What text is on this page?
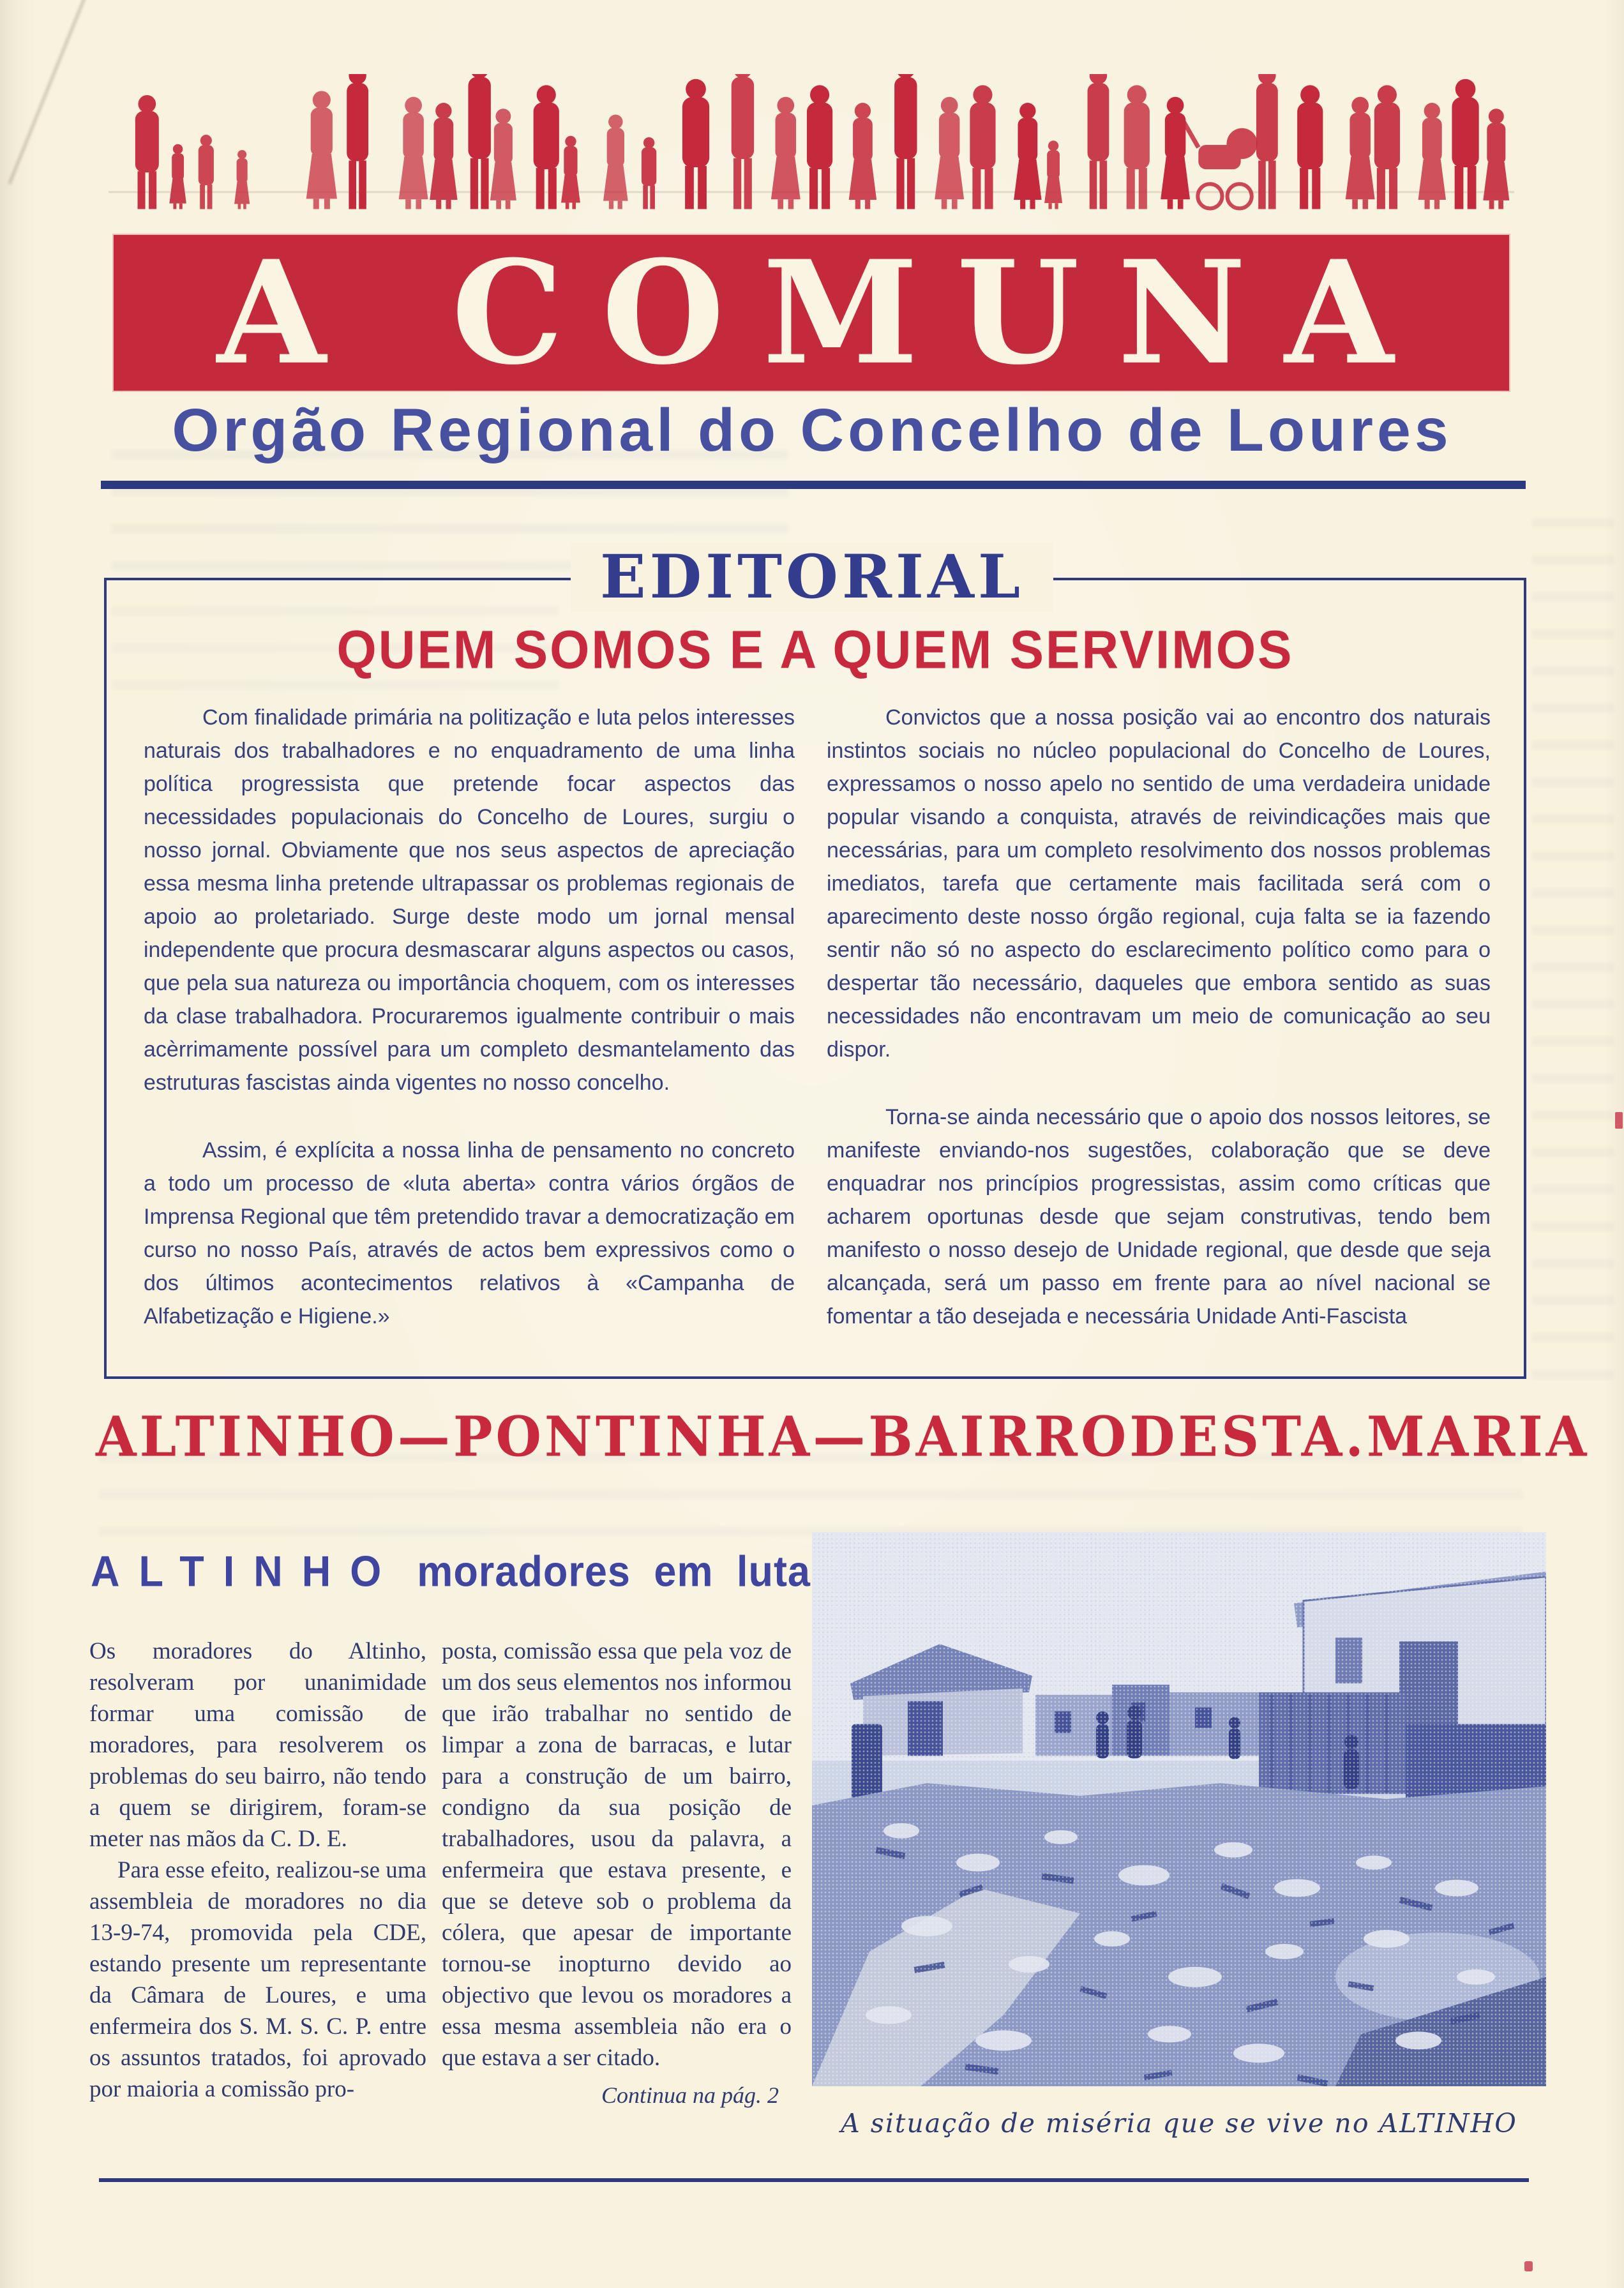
A COMUNA
Orgão Regional do Concelho de Loures
EDITORIAL
QUEM SOMOS E A QUEM SERVIMOS

Com finalidade primária na politização e luta pelos interesses naturais dos trabalhadores e no enquadramento de uma linha política progressista que pretende focar aspectos das necessidades populacionais do Concelho de Loures, surgiu o nosso jornal. Obviamente que nos seus aspectos de apreciação essa mesma linha pretende ultrapassar os problemas regionais de apoio ao proletariado. Surge deste modo um jornal mensal independente que procura desmascarar alguns aspectos ou casos, que pela sua natureza ou importância choquem, com os interesses da clase trabalhadora. Procuraremos igualmente contribuir o mais acèrrimamente possível para um completo desmantelamento das estruturas fascistas ainda vigentes no nosso concelho.

Assim, é explícita a nossa linha de pensamento no concreto a todo um processo de «luta aberta» contra vários órgãos de Imprensa Regional que têm pretendido travar a democratização em curso no nosso País, através de actos bem expressivos como o dos últimos acontecimentos relativos à «Campanha de Alfabetização e Higiene.»

Convictos que a nossa posição vai ao encontro dos naturais instintos sociais no núcleo populacional do Concelho de Loures, expressamos o nosso apelo no sentido de uma verdadeira unidade popular visando a conquista, através de reivindicações mais que necessárias, para um completo resolvimento dos nossos problemas imediatos, tarefa que certamente mais facilitada será com o aparecimento deste nosso órgão regional, cuja falta se ia fazendo sentir não só no aspecto do esclarecimento político como para o despertar tão necessário, daqueles que embora sentido as suas necessidades não encontravam um meio de comunicação ao seu dispor.

Torna-se ainda necessário que o apoio dos nossos leitores, se manifeste enviando-nos sugestões, colaboração que se deve enquadrar nos princípios progressistas, assim como críticas que acharem oportunas desde que sejam construtivas, tendo bem manifesto o nosso desejo de Unidade regional, que desde que seja alcançada, será um passo em frente para ao nível nacional se fomentar a tão desejada e necessária Unidade Anti-Fascista

ALTINHO — PONTINHA — BAIRRO DE STA. MARIA
ALTINHO moradores em luta

Os moradores do Altinho, resolveram por unanimidade formar uma comissão de moradores, para resolverem os problemas do seu bairro, não tendo a quem se dirigirem, foram-se meter nas mãos da C. D. E.

Para esse efeito, realizou-se uma assembleia de moradores no dia 13-9-74, promovida pela CDE, estando presente um representante da Câmara de Loures, e uma enfermeira dos S. M. S. C. P. entre os assuntos tratados, foi aprovado por maioria a comissão pro-

posta, comissão essa que pela voz de um dos seus elementos nos informou que irão trabalhar no sentido de limpar a zona de barracas, e lutar para a construção de um bairro, condigno da sua posição de trabalhadores, usou da palavra, a enfermeira que estava presente, e que se deteve sob o problema da cólera, que apesar de importante tornou-se inopturno devido ao objectivo que levou os moradores a essa mesma assembleia não era o que estava a ser citado.

Continua na pág. 2
A situação de miséria que se vive no ALTINHO
